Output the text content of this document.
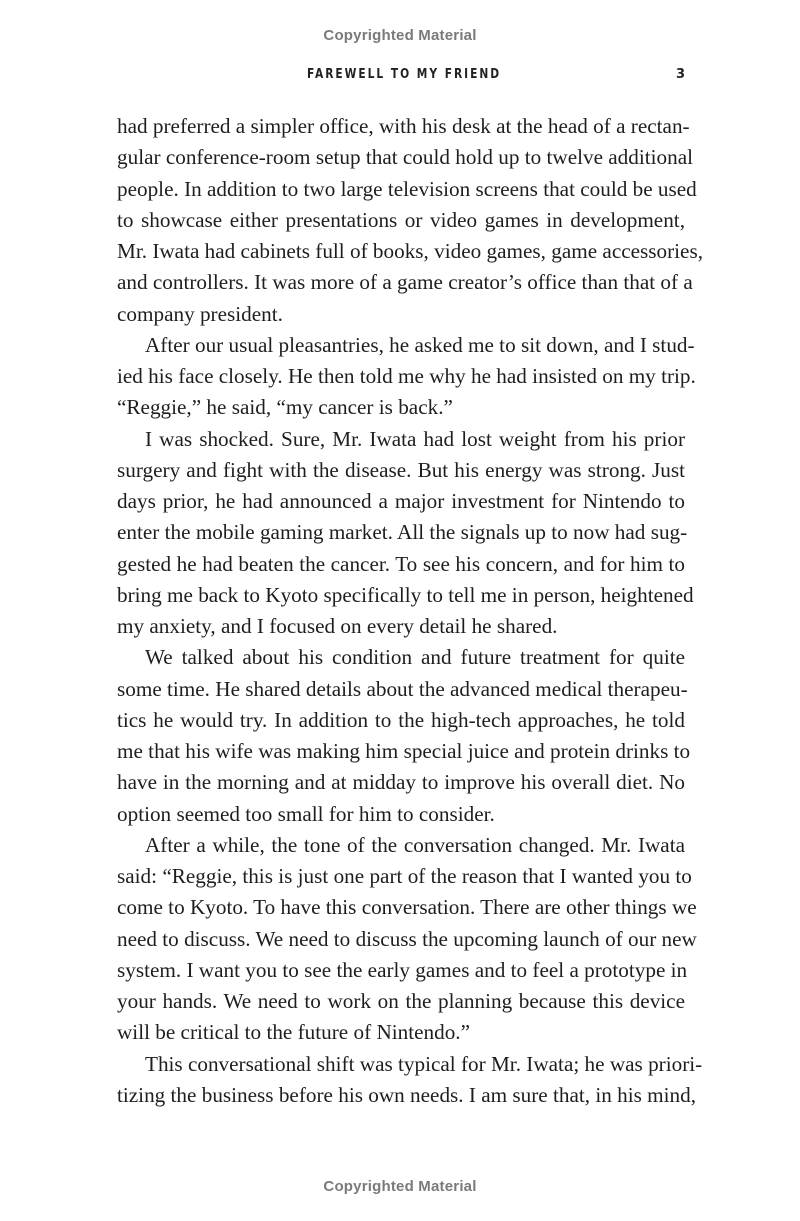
Copyrighted Material
FAREWELL TO MY FRIEND	3
had preferred a simpler office, with his desk at the head of a rectan-
gular conference-room setup that could hold up to twelve additional
people. In addition to two large television screens that could be used
to showcase either presentations or video games in development,
Mr. Iwata had cabinets full of books, video games, game accessories,
and controllers. It was more of a game creator’s office than that of a
company president.
After our usual pleasantries, he asked me to sit down, and I stud-
ied his face closely. He then told me why he had insisted on my trip.
“Reggie,” he said, “my cancer is back.”
I was shocked. Sure, Mr. Iwata had lost weight from his prior
surgery and fight with the disease. But his energy was strong. Just
days prior, he had announced a major investment for Nintendo to
enter the mobile gaming market. All the signals up to now had sug-
gested he had beaten the cancer. To see his concern, and for him to
bring me back to Kyoto specifically to tell me in person, heightened
my anxiety, and I focused on every detail he shared.
We talked about his condition and future treatment for quite
some time. He shared details about the advanced medical therapeu-
tics he would try. In addition to the high-tech approaches, he told
me that his wife was making him special juice and protein drinks to
have in the morning and at midday to improve his overall diet. No
option seemed too small for him to consider.
After a while, the tone of the conversation changed. Mr. Iwata
said: “Reggie, this is just one part of the reason that I wanted you to
come to Kyoto. To have this conversation. There are other things we
need to discuss. We need to discuss the upcoming launch of our new
system. I want you to see the early games and to feel a prototype in
your hands. We need to work on the planning because this device
will be critical to the future of Nintendo.”
This conversational shift was typical for Mr. Iwata; he was priori-
tizing the business before his own needs. I am sure that, in his mind,
Copyrighted Material
